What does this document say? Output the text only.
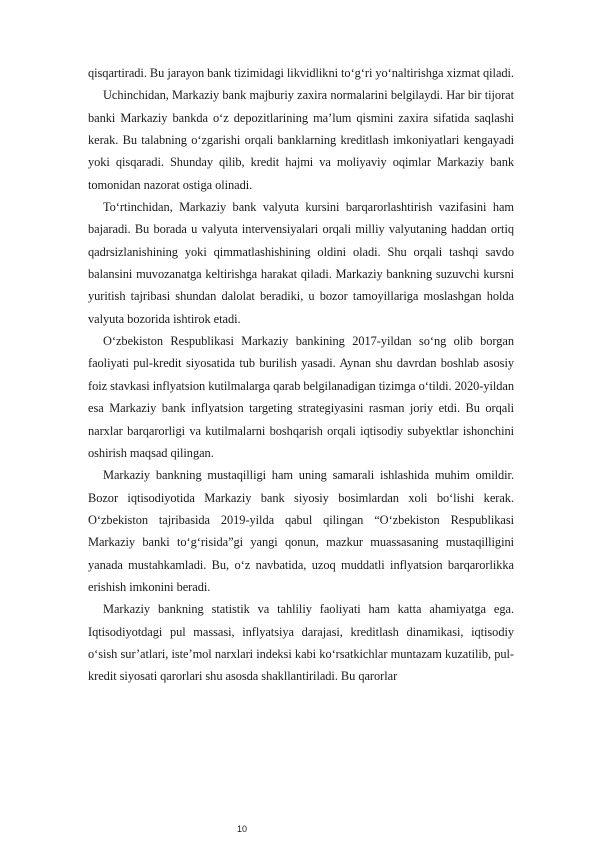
qisqartiradi. Bu jarayon bank tizimidagi likvidlikni to‘g‘ri yo‘naltirishga xizmat qiladi.

Uchinchidan, Markaziy bank majburiy zaxira normalarini belgilaydi. Har bir tijorat banki Markaziy bankda o‘z depozitlarining ma’lum qismini zaxira sifatida saqlashi kerak. Bu talabning o‘zgarishi orqali banklarning kreditlash imkoniyatlari kengayadi yoki qisqaradi. Shunday qilib, kredit hajmi va moliyaviy oqimlar Markaziy bank tomonidan nazorat ostiga olinadi.

To‘rtinchidan, Markaziy bank valyuta kursini barqarorlashtirish vazifasini ham bajaradi. Bu borada u valyuta intervensiyalari orqali milliy valyutaning haddan ortiq qadrsizlanishining yoki qimmatlashishining oldini oladi. Shu orqali tashqi savdo balansini muvozanatga keltirishga harakat qiladi. Markaziy bankning suzuvchi kursni yuritish tajribasi shundan dalolat beradiki, u bozor tamoyillariga moslashgan holda valyuta bozorida ishtirok etadi.

O‘zbekiston Respublikasi Markaziy bankining 2017-yildan so‘ng olib borgan faoliyati pul-kredit siyosatida tub burilish yasadi. Aynan shu davrdan boshlab asosiy foiz stavkasi inflyatsion kutilmalarga qarab belgilanadigan tizimga o‘tildi. 2020-yildan esa Markaziy bank inflyatsion targeting strategiyasini rasman joriy etdi. Bu orqali narxlar barqarorligi va kutilmalarni boshqarish orqali iqtisodiy subyektlar ishonchini oshirish maqsad qilingan.

Markaziy bankning mustaqilligi ham uning samarali ishlashida muhim omildir. Bozor iqtisodiyotida Markaziy bank siyosiy bosimlardan xoli bo‘lishi kerak. O‘zbekiston tajribasida 2019-yilda qabul qilingan “O‘zbekiston Respublikasi Markaziy banki to‘g‘risida”gi yangi qonun, mazkur muassasaning mustaqilligini yanada mustahkamladi. Bu, o‘z navbatida, uzoq muddatli inflyatsion barqarorlikka erishish imkonini beradi.

Markaziy bankning statistik va tahliliy faoliyati ham katta ahamiyatga ega. Iqtisodiyotdagi pul massasi, inflyatsiya darajasi, kreditlash dinamikasi, iqtisodiy o‘sish sur’atlari, iste’mol narxlari indeksi kabi ko‘rsatkichlar muntazam kuzatilib, pul-kredit siyosati qarorlari shu asosda shakllantiriladi. Bu qarorlar

10
